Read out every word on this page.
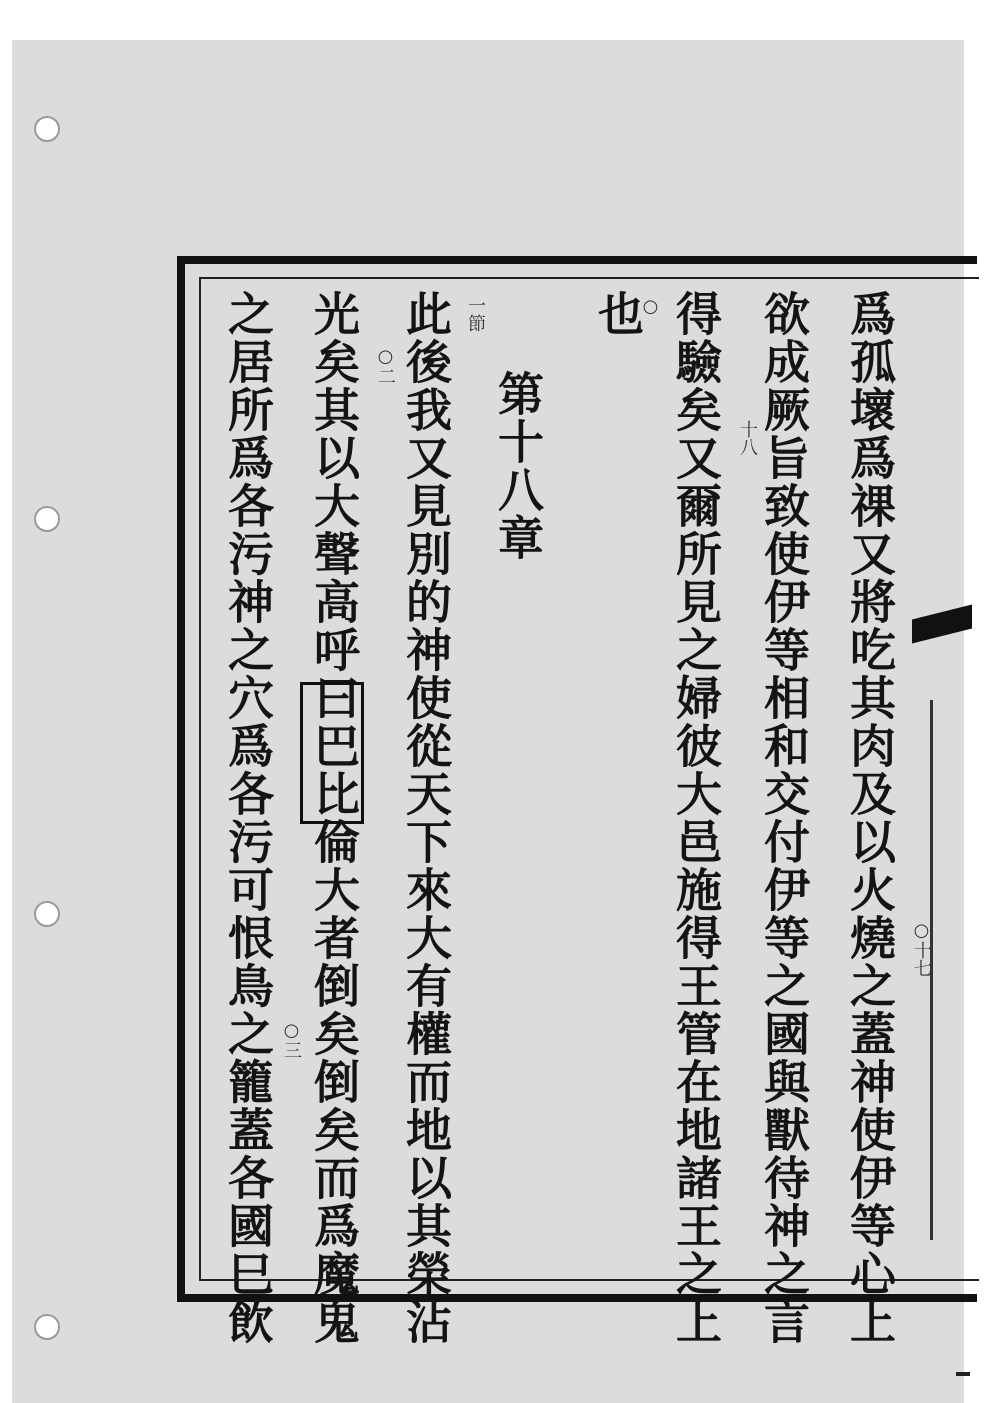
爲孤壞爲祼又將吃其肉及以火燒之蓋神使伊等心上
欲成厥旨致使伊等相和交付伊等之國與獸待神之言
得驗矣又爾所見之婦彼大邑施得王管在地諸王之上
也
第十八章
此後我又見別的神使從天下來大有權而地以其榮沾
光矣其以大聲高呼曰巴比倫大者倒矣倒矣而爲魔鬼
之居所爲各污神之穴爲各污可恨鳥之籠蓋各國巳飲	○十七
十八
○
一節
○二
○三
